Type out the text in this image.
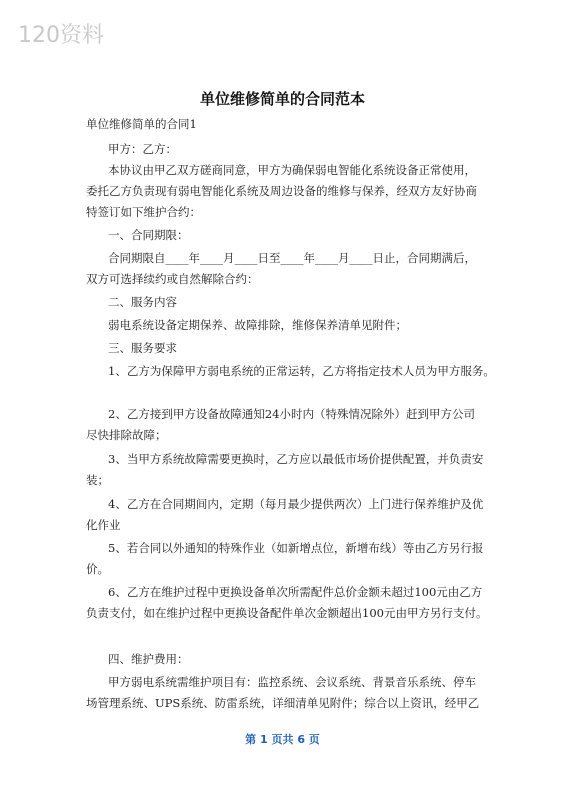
120资料
单位维修简单的合同范本
单位维修简单的合同1
甲方：乙方：
本协议由甲乙双方磋商同意，甲方为确保弱电智能化系统设备正常使用，
委托乙方负责现有弱电智能化系统及周边设备的维修与保养，经双方友好协商
特签订如下维护合约：
一、合同期限：
合同期限自____年____月____日至____年____月____日止，合同期满后，
双方可选择续约或自然解除合约：
二、服务内容
弱电系统设备定期保养、故障排除，维修保养清单见附件；
三、服务要求
1、乙方为保障甲方弱电系统的正常运转，乙方将指定技术人员为甲方服务。
2、乙方接到甲方设备故障通知24小时内（特殊情况除外）赶到甲方公司
尽快排除故障；
3、当甲方系统故障需要更换时，乙方应以最低市场价提供配置，并负责安
装；
4、乙方在合同期间内，定期（每月最少提供两次）上门进行保养维护及优
化作业
5、若合同以外通知的特殊作业（如新增点位，新增布线）等由乙方另行报
价。
6、乙方在维护过程中更换设备单次所需配件总价金额未超过100元由乙方
负责支付，如在维护过程中更换设备配件单次金额超出100元由甲方另行支付。
四、维护费用：
甲方弱电系统需维护项目有：监控系统、会议系统、背景音乐系统、停车
场管理系统、UPS系统、防雷系统，详细清单见附件；综合以上资讯，经甲乙
第 1 页共 6 页
